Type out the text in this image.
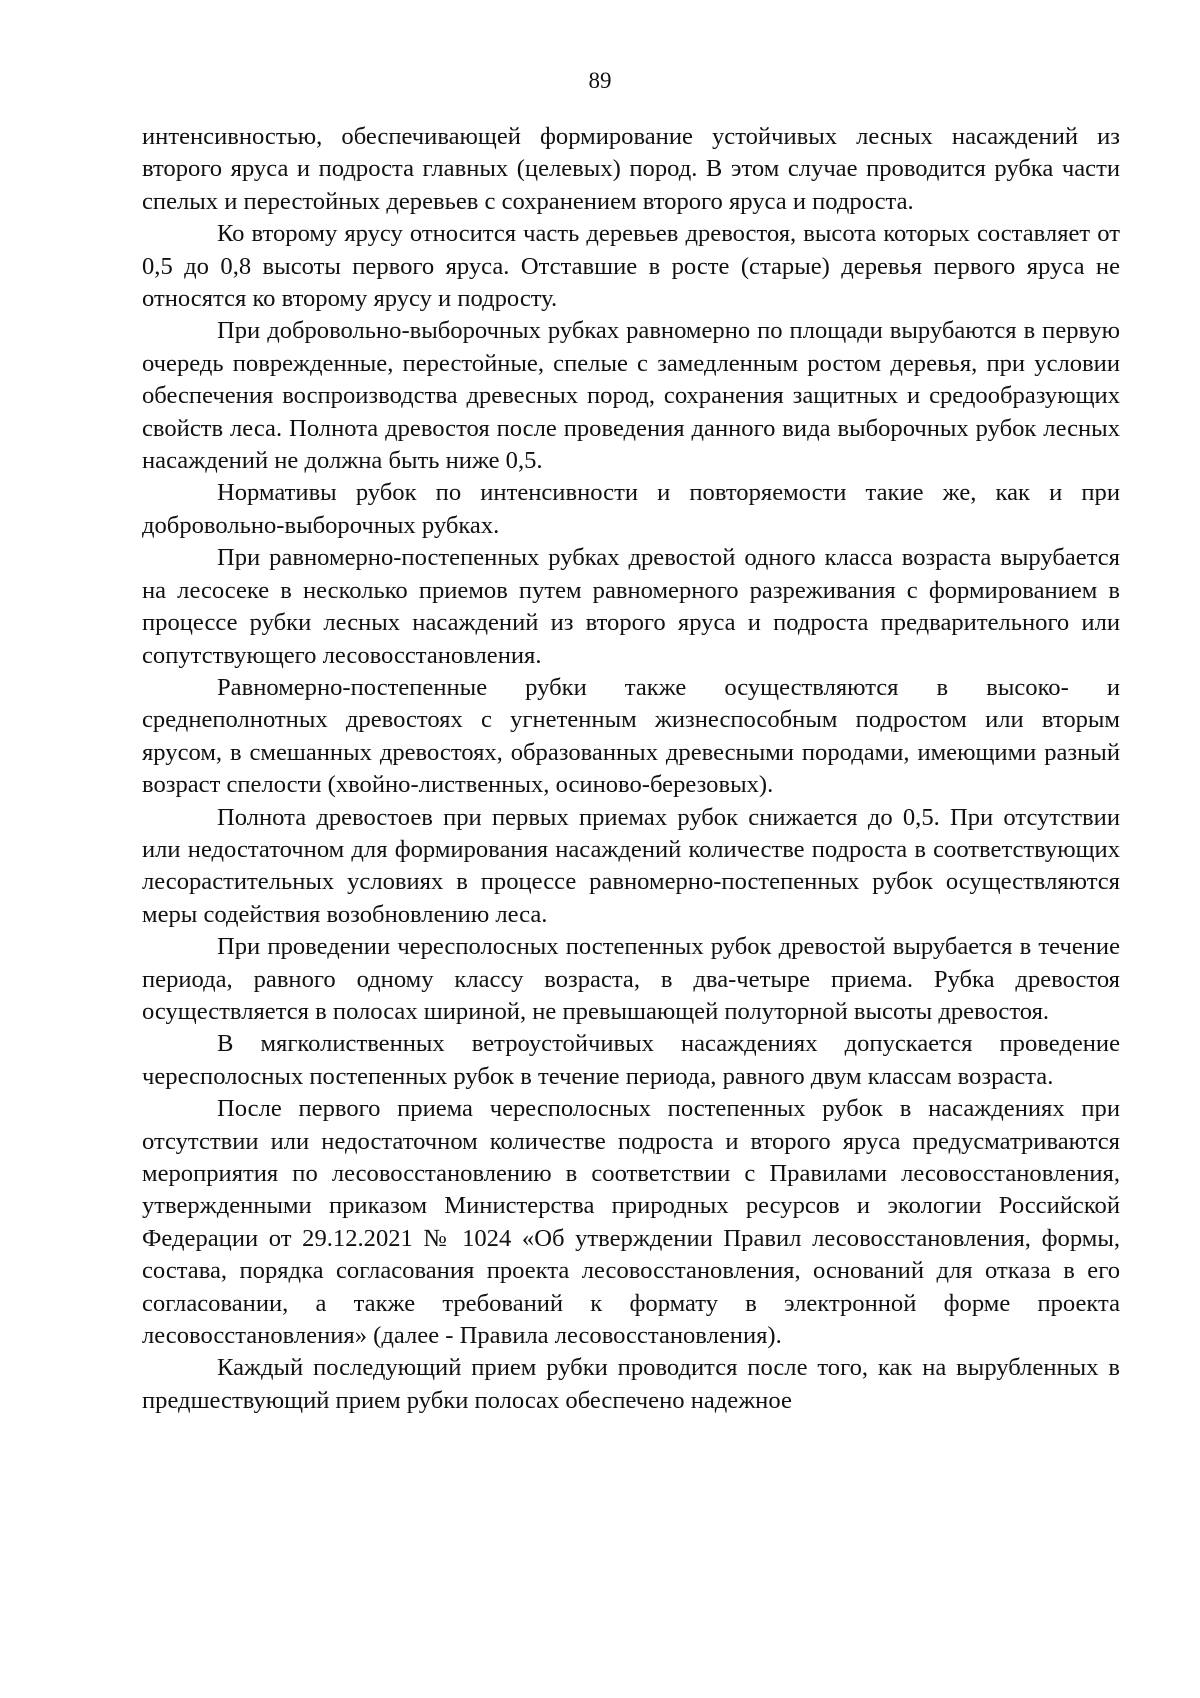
89

интенсивностью, обеспечивающей формирование устойчивых лесных насаждений из второго яруса и подроста главных (целевых) пород. В этом случае проводится рубка части спелых и перестойных деревьев с сохранением второго яруса и подроста.

Ко второму ярусу относится часть деревьев древостоя, высота которых составляет от 0,5 до 0,8 высоты первого яруса. Отставшие в росте (старые) деревья первого яруса не относятся ко второму ярусу и подросту.

При добровольно-выборочных рубках равномерно по площади вырубаются в первую очередь поврежденные, перестойные, спелые с замедленным ростом деревья, при условии обеспечения воспроизводства древесных пород, сохранения защитных и средообразующих свойств леса. Полнота древостоя после проведения данного вида выборочных рубок лесных насаждений не должна быть ниже 0,5.

Нормативы рубок по интенсивности и повторяемости такие же, как и при добровольно-выборочных рубках.

При равномерно-постепенных рубках древостой одного класса возраста вырубается на лесосеке в несколько приемов путем равномерного разреживания с формированием в процессе рубки лесных насаждений из второго яруса и подроста предварительного или сопутствующего лесовосстановления.

Равномерно-постепенные рубки также осуществляются в высоко- и среднеполнотных древостоях с угнетенным жизнеспособным подростом или вторым ярусом, в смешанных древостоях, образованных древесными породами, имеющими разный возраст спелости (хвойно-лиственных, осиново-березовых).

Полнота древостоев при первых приемах рубок снижается до 0,5. При отсутствии или недостаточном для формирования насаждений количестве подроста в соответствующих лесорастительных условиях в процессе равномерно-постепенных рубок осуществляются меры содействия возобновлению леса.

При проведении чересполосных постепенных рубок древостой вырубается в течение периода, равного одному классу возраста, в два-четыре приема. Рубка древостоя осуществляется в полосах шириной, не превышающей полуторной высоты древостоя.

В мягколиственных ветроустойчивых насаждениях допускается проведение чересполосных постепенных рубок в течение периода, равного двум классам возраста.

После первого приема чересполосных постепенных рубок в насаждениях при отсутствии или недостаточном количестве подроста и второго яруса предусматриваются мероприятия по лесовосстановлению в соответствии с Правилами лесовосстановления, утвержденными приказом Министерства природных ресурсов и экологии Российской Федерации от 29.12.2021 № 1024 «Об утверждении Правил лесовосстановления, формы, состава, порядка согласования проекта лесовосстановления, оснований для отказа в его согласовании, а также требований к формату в электронной форме проекта лесовосстановления» (далее - Правила лесовосстановления).

Каждый последующий прием рубки проводится после того, как на вырубленных в предшествующий прием рубки полосах обеспечено надежное
